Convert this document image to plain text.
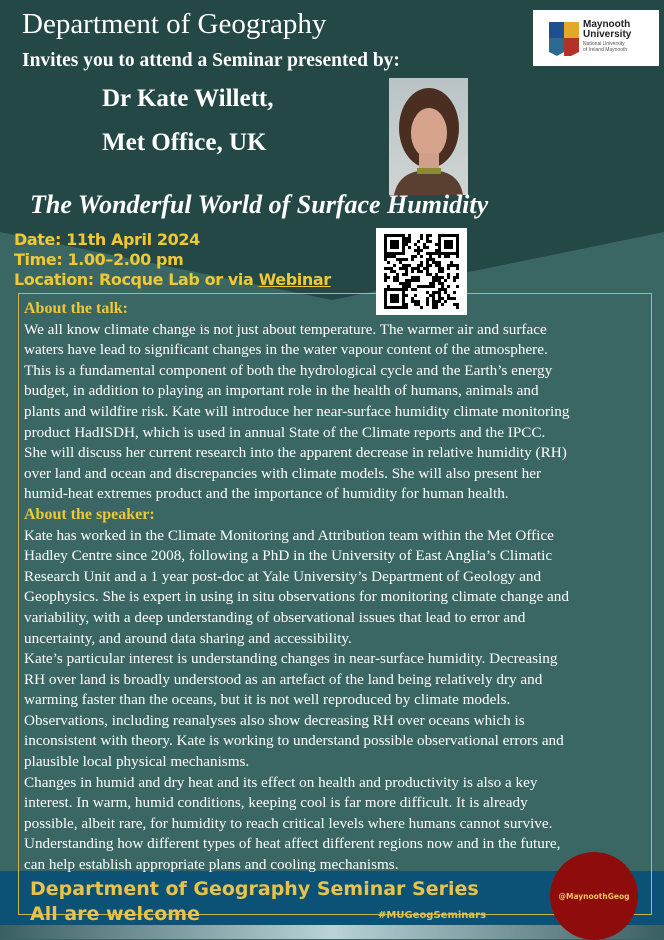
Department of Geography
Invites you to attend a Seminar presented by:
Dr Kate Willett,
Met Office, UK
Maynooth
University
National University
of Ireland Maynooth
The Wonderful World of Surface Humidity
Date: 11th April 2024
Time: 1.00–2.00 pm
Location: Rocque Lab or via Webinar
About the talk:
We all know climate change is not just about temperature. The warmer air and surface
waters have lead to significant changes in the water vapour content of the atmosphere.
This is a fundamental component of both the hydrological cycle and the Earth’s energy
budget, in addition to playing an important role in the health of humans, animals and
plants and wildfire risk. Kate will introduce her near-surface humidity climate monitoring
product HadISDH, which is used in annual State of the Climate reports and the IPCC.
She will discuss her current research into the apparent decrease in relative humidity (RH)
over land and ocean and discrepancies with climate models. She will also present her
humid-heat extremes product and the importance of humidity for human health.
About the speaker:
Kate has worked in the Climate Monitoring and Attribution team within the Met Office
Hadley Centre since 2008, following a PhD in the University of East Anglia’s Climatic
Research Unit and a 1 year post-doc at Yale University’s Department of Geology and
Geophysics. She is expert in using in situ observations for monitoring climate change and
variability, with a deep understanding of observational issues that lead to error and
uncertainty, and around data sharing and accessibility.
Kate’s particular interest is understanding changes in near-surface humidity. Decreasing
RH over land is broadly understood as an artefact of the land being relatively dry and
warming faster than the oceans, but it is not well reproduced by climate models.
Observations, including reanalyses also show decreasing RH over oceans which is
inconsistent with theory. Kate is working to understand possible observational errors and
plausible local physical mechanisms.
Changes in humid and dry heat and its effect on health and productivity is also a key
interest. In warm, humid conditions, keeping cool is far more difficult. It is already
possible, albeit rare, for humidity to reach critical levels where humans cannot survive.
Understanding how different types of heat affect different regions now and in the future,
can help establish appropriate plans and cooling mechanisms.
Department of Geography Seminar Series
All are welcome	#MUGeogSeminars
@MaynoothGeog
